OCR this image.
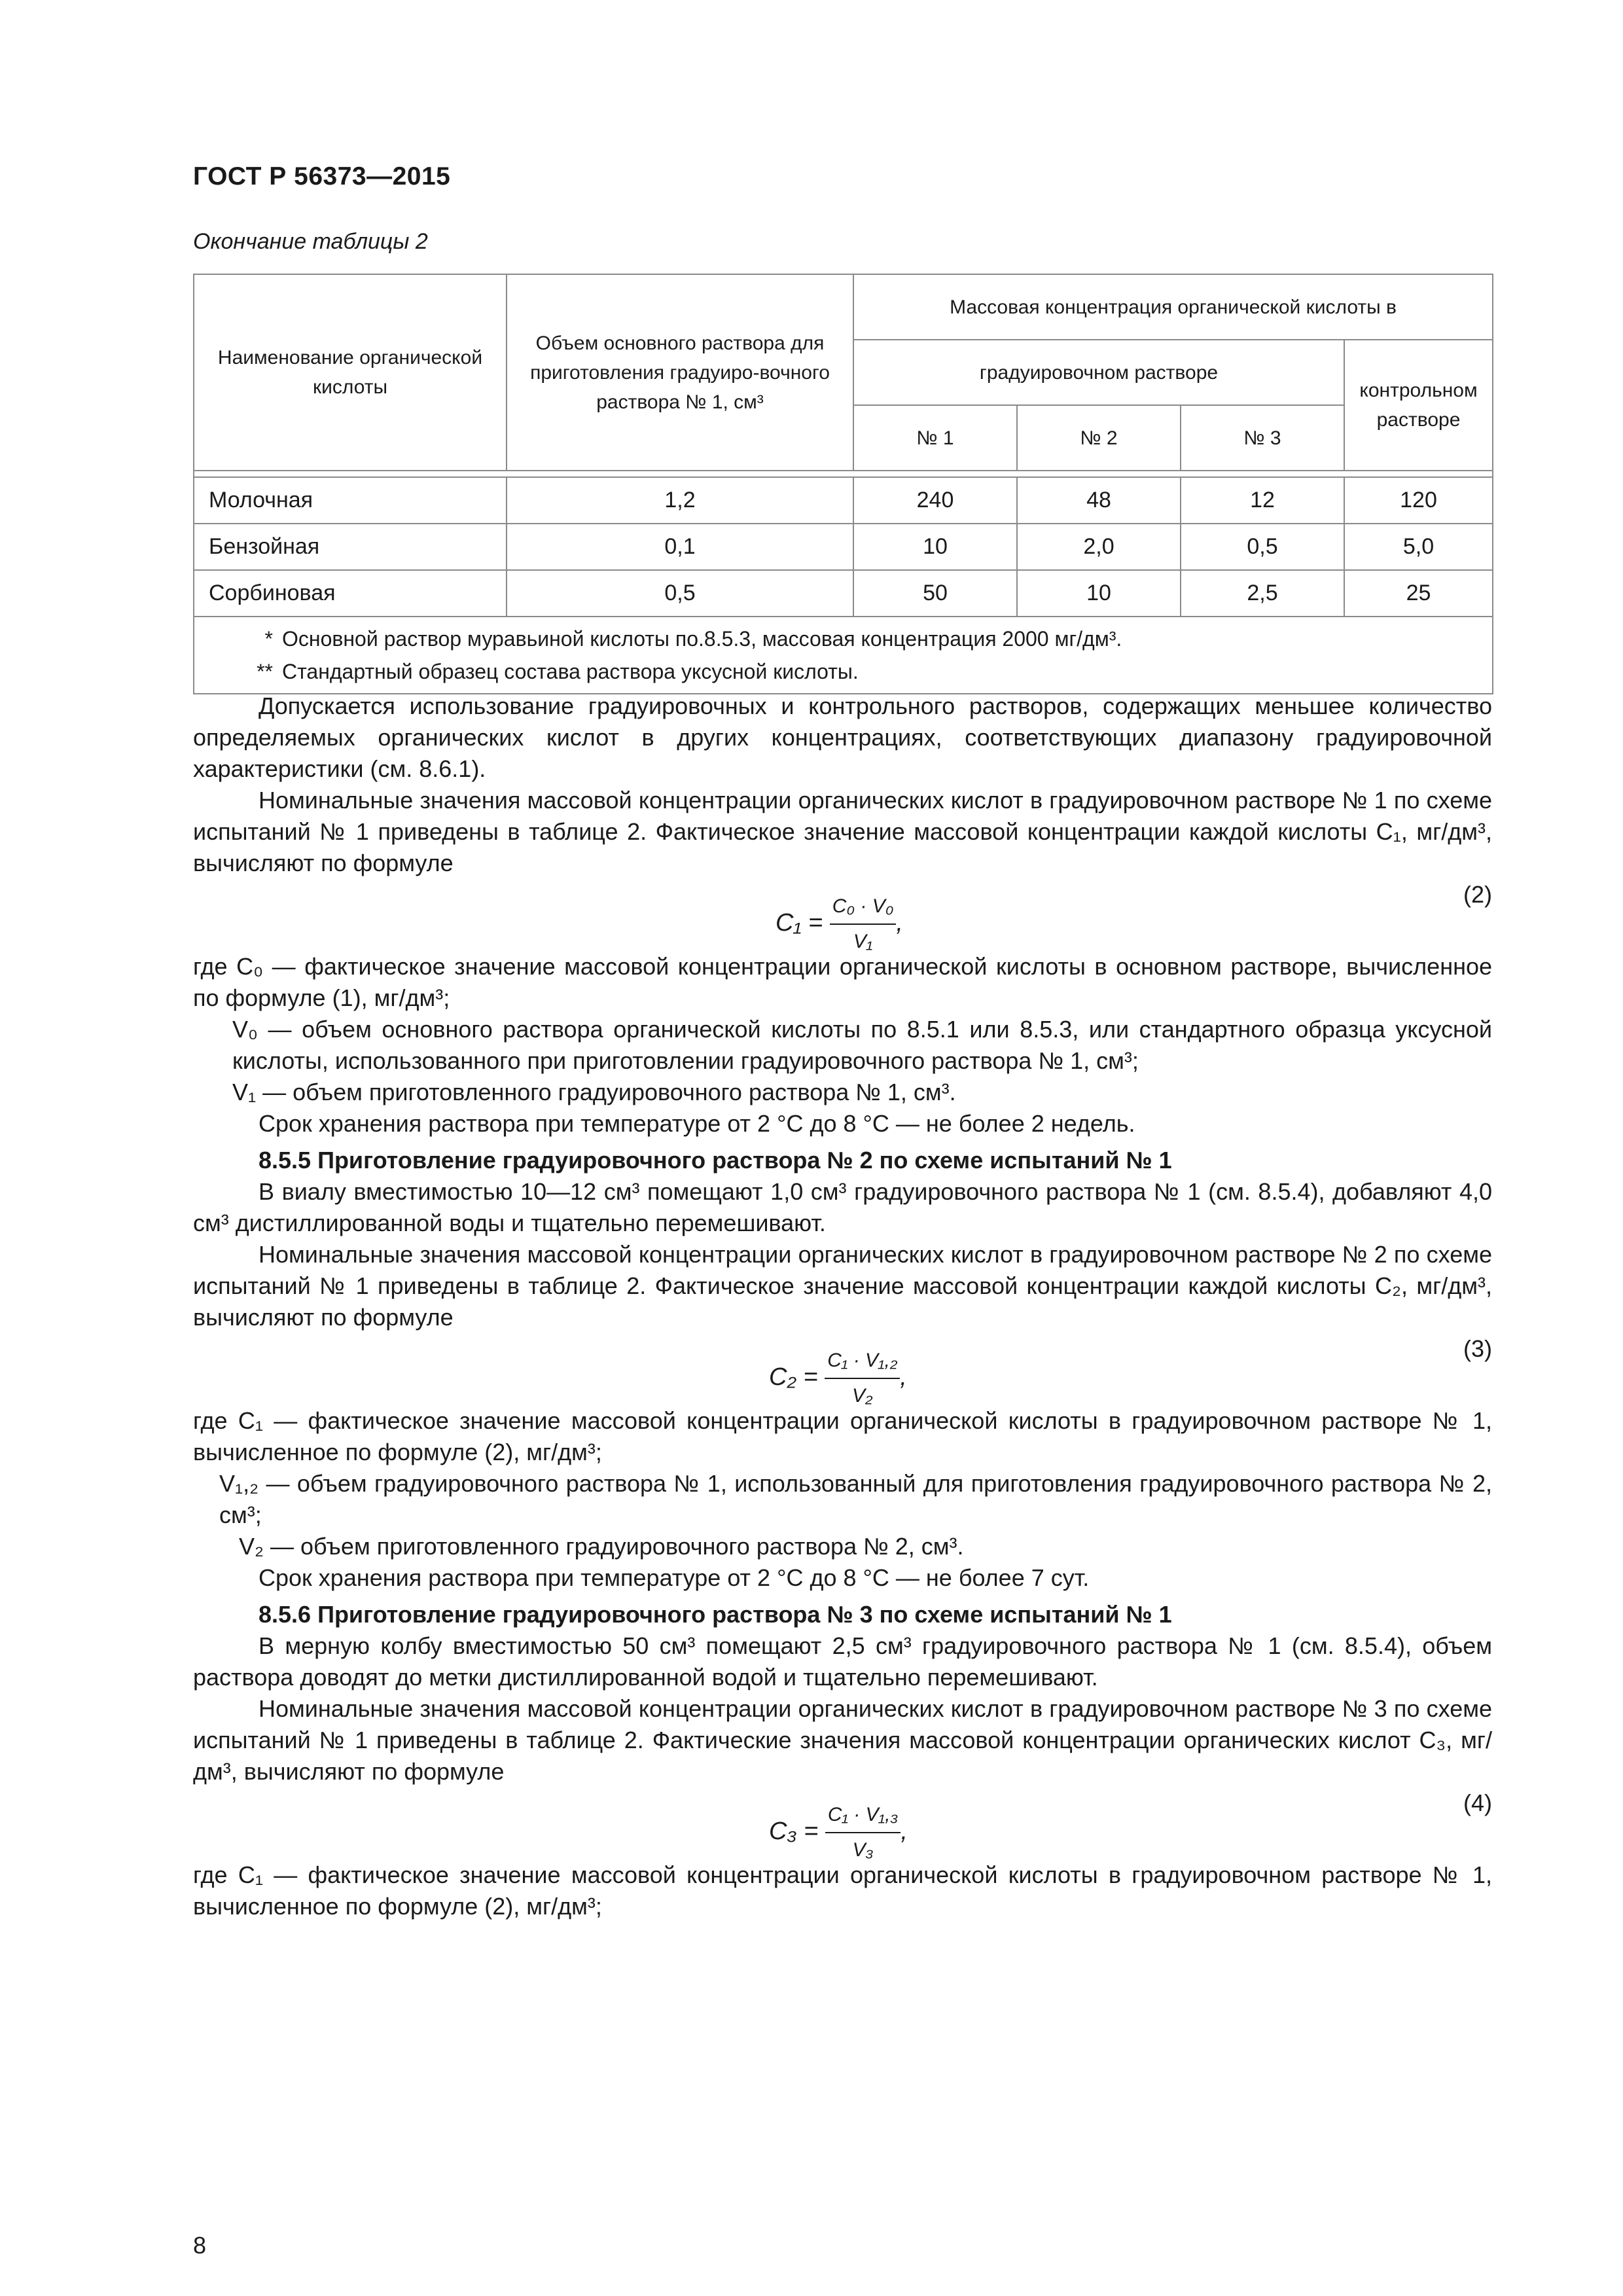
ГОСТ Р 56373—2015
Окончание таблицы 2
Наименование органической кислоты	Объем основного раствора для приготовления градуиро-вочного раствора № 1, см³	Массовая концентрация органической кислоты в			
		градуировочном растворе			контрольном растворе
		№ 1	№ 2	№ 3	

Молочная	1,2	240	48	12	120
Бензойная	0,1	10	2,0	0,5	5,0
Сорбиновая	0,5	50	10	2,5	25

* Основной раствор муравьиной кислоты по.8.5.3, массовая концентрация 2000 мг/дм³.
** Стандартный образец состава раствора уксусной кислоты.					

Допускается использование градуировочных и контрольного растворов, содержащих меньшее количество определяемых органических кислот в других концентрациях, соответствующих диапазону градуировочной характеристики (см. 8.6.1).

Номинальные значения массовой концентрации органических кислот в градуировочном растворе № 1 по схеме испытаний № 1 приведены в таблице 2. Фактическое значение массовой концентрации каждой кислоты C₁, мг/дм³, вычисляют по формуле

$C_1 = \frac{\text{C₀ · V₀}}{\text{V₁}}$ ,
(2)

где C₀ — фактическое значение массовой концентрации органической кислоты в основном растворе, вычисленное по формуле (1), мг/дм³;

V₀ — объем основного раствора органической кислоты по 8.5.1 или 8.5.3, или стандартного образца уксусной кислоты, использованного при приготовлении градуировочного раствора № 1, см³;

V₁ — объем приготовленного градуировочного раствора № 1, см³.

Срок хранения раствора при температуре от 2 °С до 8 °С — не более 2 недель.

8.5.5 Приготовление градуировочного раствора № 2 по схеме испытаний № 1

В виалу вместимостью 10—12 см³ помещают 1,0 см³ градуировочного раствора № 1 (см. 8.5.4), добавляют 4,0 см³ дистиллированной воды и тщательно перемешивают.

Номинальные значения массовой концентрации органических кислот в градуировочном растворе № 2 по схеме испытаний № 1 приведены в таблице 2. Фактическое значение массовой концентрации каждой кислоты C₂, мг/дм³, вычисляют по формуле

$C_2 = \frac{\text{C₁ · V₁,₂}}{\text{V₂}}$ ,
(3)

где C₁ — фактическое значение массовой концентрации органической кислоты в градуировочном растворе № 1, вычисленное по формуле (2), мг/дм³;

V₁,₂ — объем градуировочного раствора № 1, использованный для приготовления градуировочного раствора № 2, см³;

V₂ — объем приготовленного градуировочного раствора № 2, см³.

Срок хранения раствора при температуре от 2 °С до 8 °С — не более 7 сут.

8.5.6 Приготовление градуировочного раствора № 3 по схеме испытаний № 1

В мерную колбу вместимостью 50 см³ помещают 2,5 см³ градуировочного раствора № 1 (см. 8.5.4), объем раствора доводят до метки дистиллированной водой и тщательно перемешивают.

Номинальные значения массовой концентрации органических кислот в градуировочном растворе № 3 по схеме испытаний № 1 приведены в таблице 2. Фактические значения массовой концентрации органических кислот C₃, мг/дм³, вычисляют по формуле

$C_3 = \frac{\text{C₁ · V₁,₃}}{\text{V₃}}$ ,
(4)

где C₁ — фактическое значение массовой концентрации органической кислоты в градуировочном растворе № 1, вычисленное по формуле (2), мг/дм³;

8
